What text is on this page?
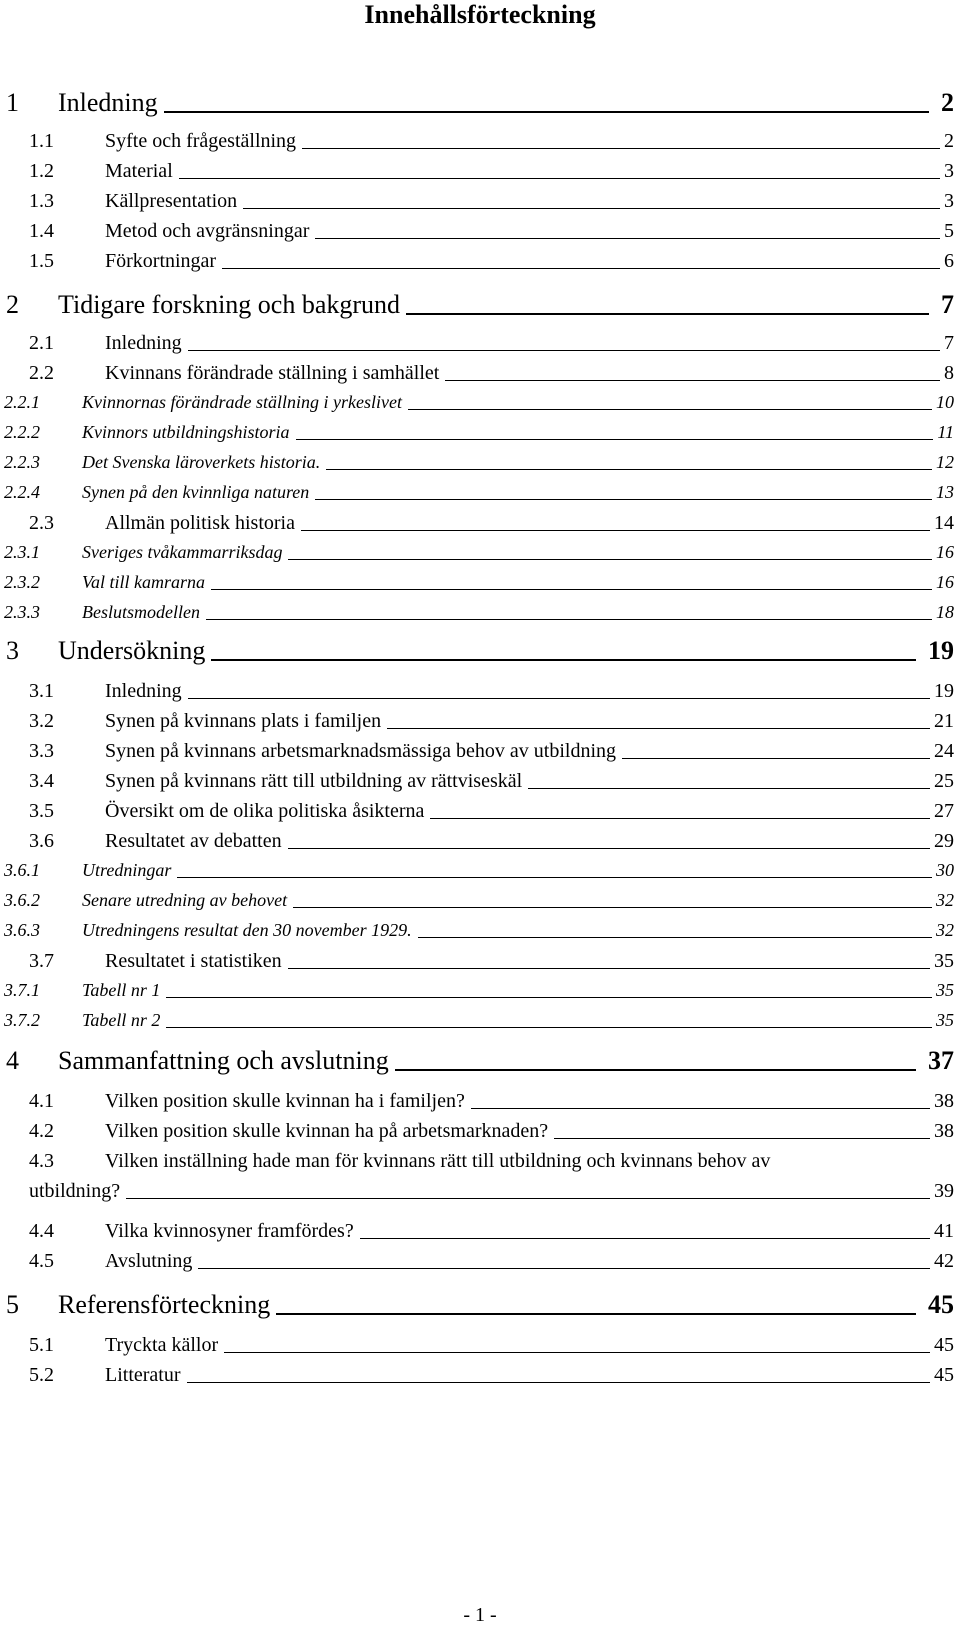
Innehållsförteckning
1	Inledning	2
1.1	Syfte och frågeställning	2
1.2	Material	3
1.3	Källpresentation	3
1.4	Metod och avgränsningar	5
1.5	Förkortningar	6
2	Tidigare forskning och bakgrund	7
2.1	Inledning	7
2.2	Kvinnans förändrade ställning i samhället	8
2.2.1	Kvinnornas förändrade ställning i yrkeslivet	10
2.2.2	Kvinnors utbildningshistoria	11
2.2.3	Det Svenska läroverkets historia.	12
2.2.4	Synen på den kvinnliga naturen	13
2.3	Allmän politisk historia	14
2.3.1	Sveriges tvåkammarriksdag	16
2.3.2	Val till kamrarna	16
2.3.3	Beslutsmodellen	18
3	Undersökning	19
3.1	Inledning	19
3.2	Synen på kvinnans plats i familjen	21
3.3	Synen på kvinnans arbetsmarknadsmässiga behov av utbildning	24
3.4	Synen på kvinnans rätt till utbildning av rättviseskäl	25
3.5	Översikt om de olika politiska åsikterna	27
3.6	Resultatet av debatten	29
3.6.1	Utredningar	30
3.6.2	Senare utredning av behovet	32
3.6.3	Utredningens resultat den 30 november 1929.	32
3.7	Resultatet i statistiken	35
3.7.1	Tabell nr 1	35
3.7.2	Tabell nr 2	35
4	Sammanfattning och avslutning	37
4.1	Vilken position skulle kvinnan ha i familjen?	38
4.2	Vilken position skulle kvinnan ha på arbetsmarknaden?	38
4.3	Vilken inställning hade man för kvinnans rätt till utbildning och kvinnans behov av
utbildning?	39
4.4	Vilka kvinnosyner framfördes?	41
4.5	Avslutning	42
5	Referensförteckning	45
5.1	Tryckta källor	45
5.2	Litteratur	45
- 1 -
